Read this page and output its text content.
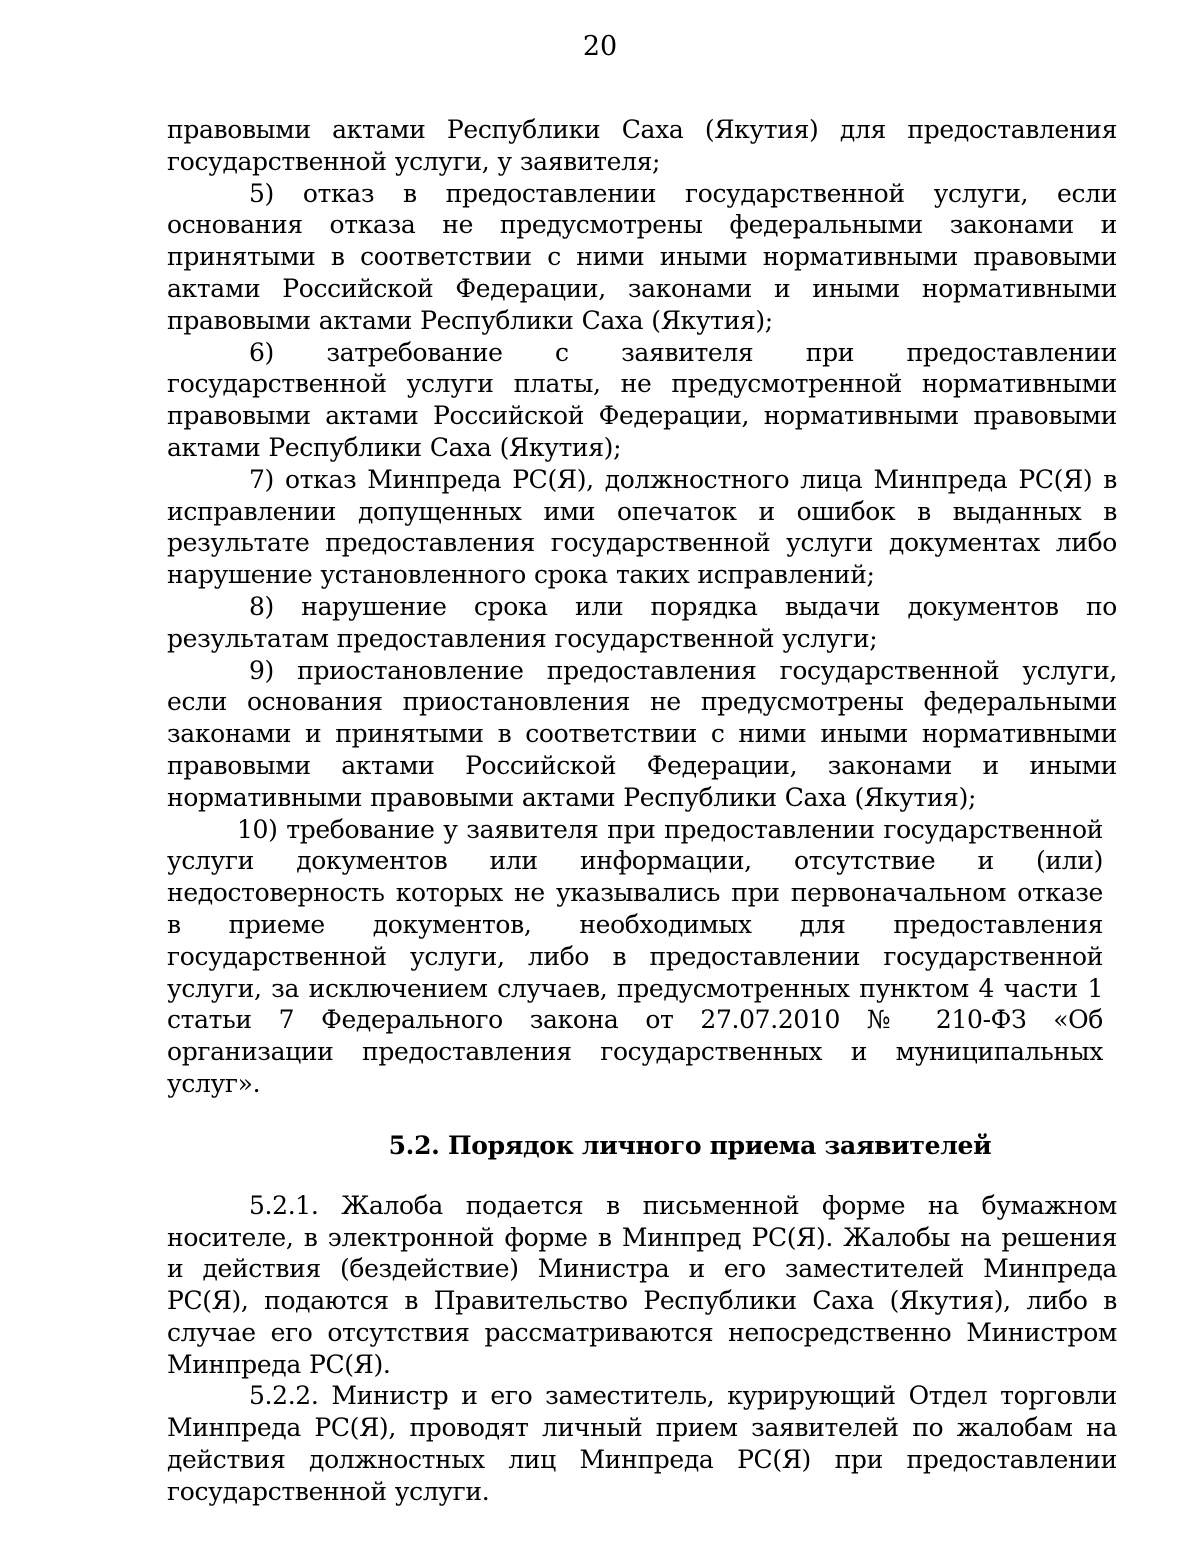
20

правовыми актами Республики Саха (Якутия) для предоставления государственной услуги, у заявителя;

5) отказ в предоставлении государственной услуги, если основания отказа не предусмотрены федеральными законами и принятыми в соответствии с ними иными нормативными правовыми актами Российской Федерации, законами и иными нормативными правовыми актами Республики Саха (Якутия);

6) затребование с заявителя при предоставлении государственной услуги платы, не предусмотренной нормативными правовыми актами Российской Федерации, нормативными правовыми актами Республики Саха (Якутия);

7) отказ Минпреда РС(Я), должностного лица Минпреда РС(Я) в исправлении допущенных ими опечаток и ошибок в выданных в результате предоставления государственной услуги документах либо нарушение установленного срока таких исправлений;

8) нарушение срока или порядка выдачи документов по результатам предоставления государственной услуги;

9) приостановление предоставления государственной услуги, если основания приостановления не предусмотрены федеральными законами и принятыми в соответствии с ними иными нормативными правовыми актами Российской Федерации, законами и иными нормативными правовыми актами Республики Саха (Якутия);

10) требование у заявителя при предоставлении государственной услуги документов или информации, отсутствие и (или) недостоверность которых не указывались при первоначальном отказе в приеме документов, необходимых для предоставления государственной услуги, либо в предоставлении государственной услуги, за исключением случаев, предусмотренных пунктом 4 части 1 статьи 7 Федерального закона от 27.07.2010 № 210-ФЗ «Об организации предоставления государственных и муниципальных услуг».

5.2. Порядок личного приема заявителей

5.2.1. Жалоба подается в письменной форме на бумажном носителе, в электронной форме в Минпред РС(Я). Жалобы на решения и действия (бездействие) Министра и его заместителей Минпреда РС(Я), подаются в Правительство Республики Саха (Якутия), либо в случае его отсутствия рассматриваются непосредственно Министром Минпреда РС(Я).

5.2.2. Министр и его заместитель, курирующий Отдел торговли Минпреда РС(Я), проводят личный прием заявителей по жалобам на действия должностных лиц Минпреда РС(Я) при предоставлении государственной услуги.
